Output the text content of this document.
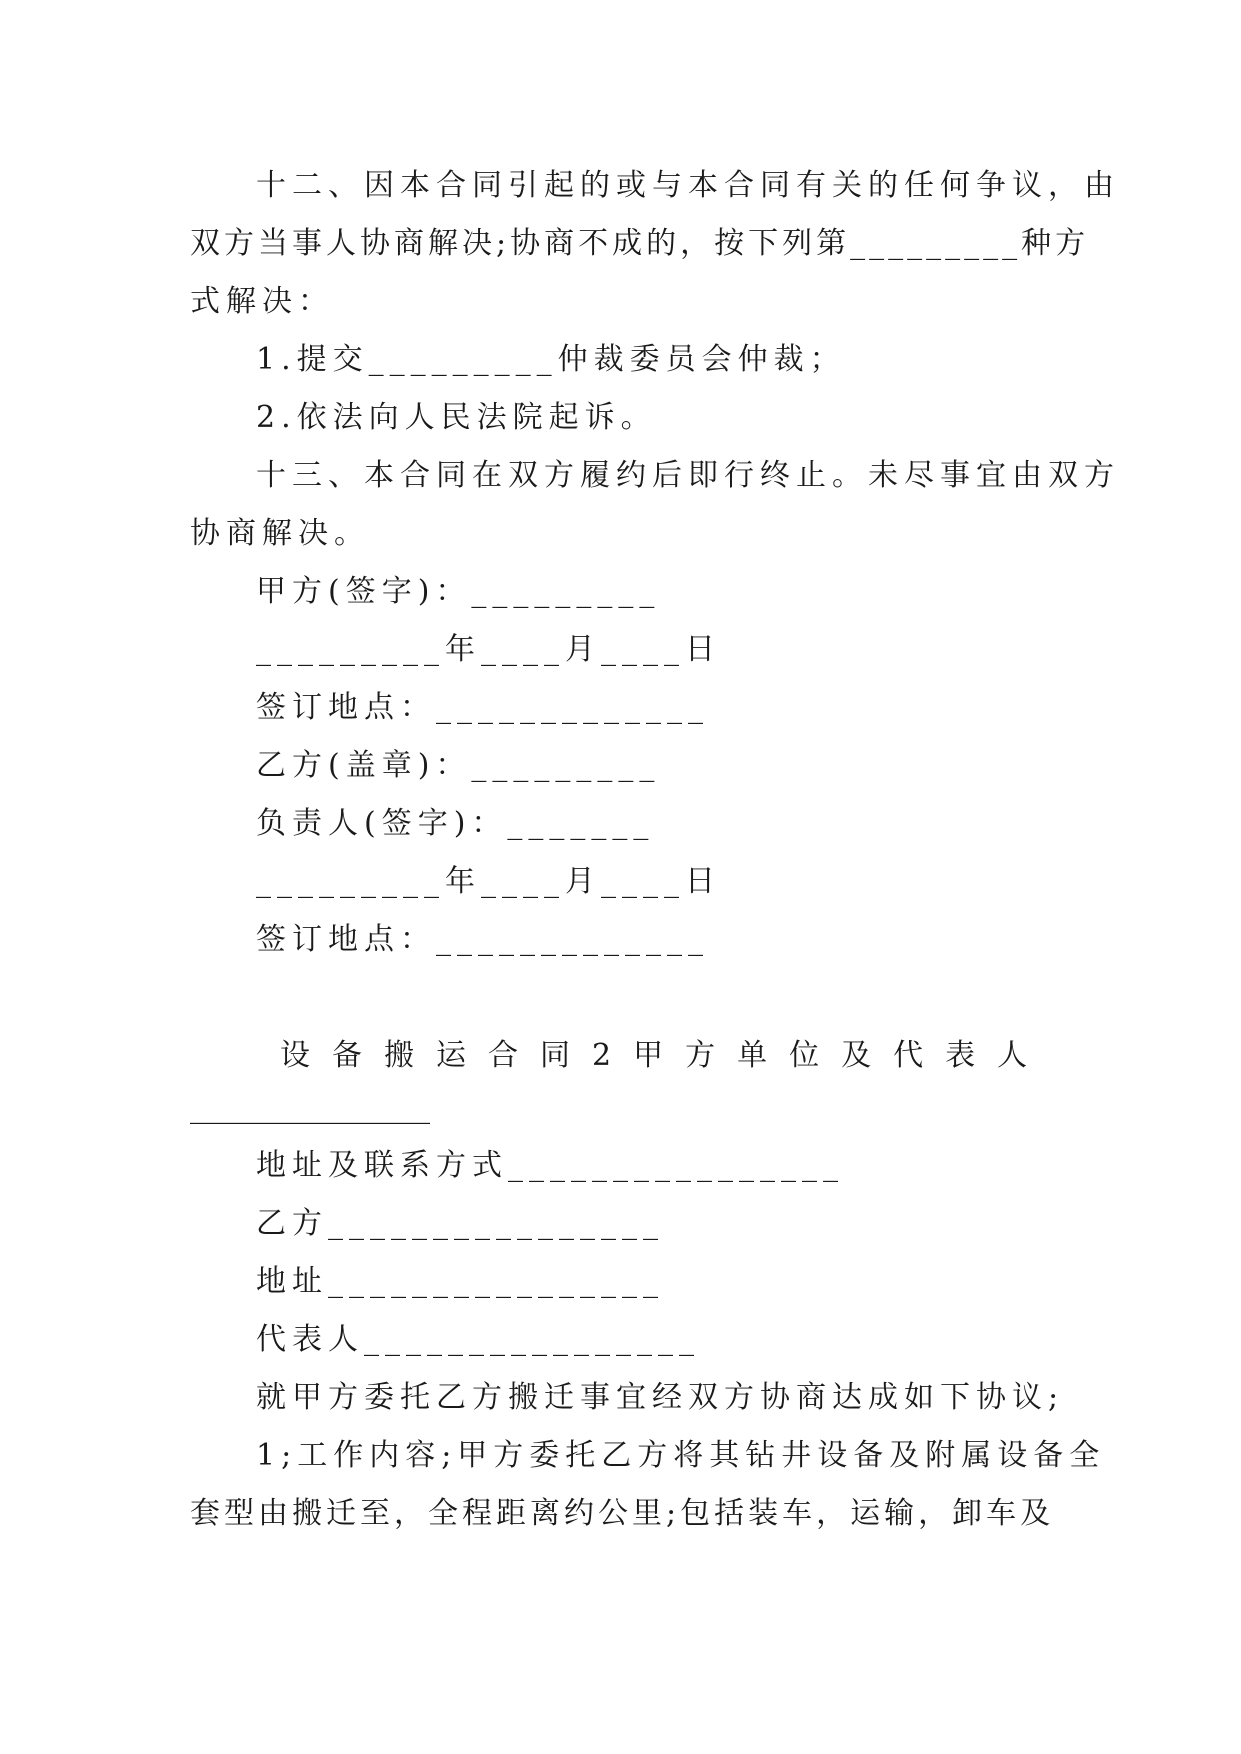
十二、因本合同引起的或与本合同有关的任何争议，由
双方当事人协商解决;协商不成的，按下列第_________种方
式解决：
1.提交_________仲裁委员会仲裁；
2.依法向人民法院起诉。
十三、本合同在双方履约后即行终止。未尽事宜由双方
协商解决。
甲方(签字)：_________
_________年____月____日
签订地点：_____________
乙方(盖章)：_________
负责人(签字)：_______
_________年____月____日
签订地点：_____________
设备搬运合同2 甲方单位及代表人
________________
地址及联系方式________________
乙方________________
地址________________
代表人________________
就甲方委托乙方搬迁事宜经双方协商达成如下协议;
1;工作内容;甲方委托乙方将其钻井设备及附属设备全
套型由搬迁至，全程距离约公里;包括装车，运输，卸车及
